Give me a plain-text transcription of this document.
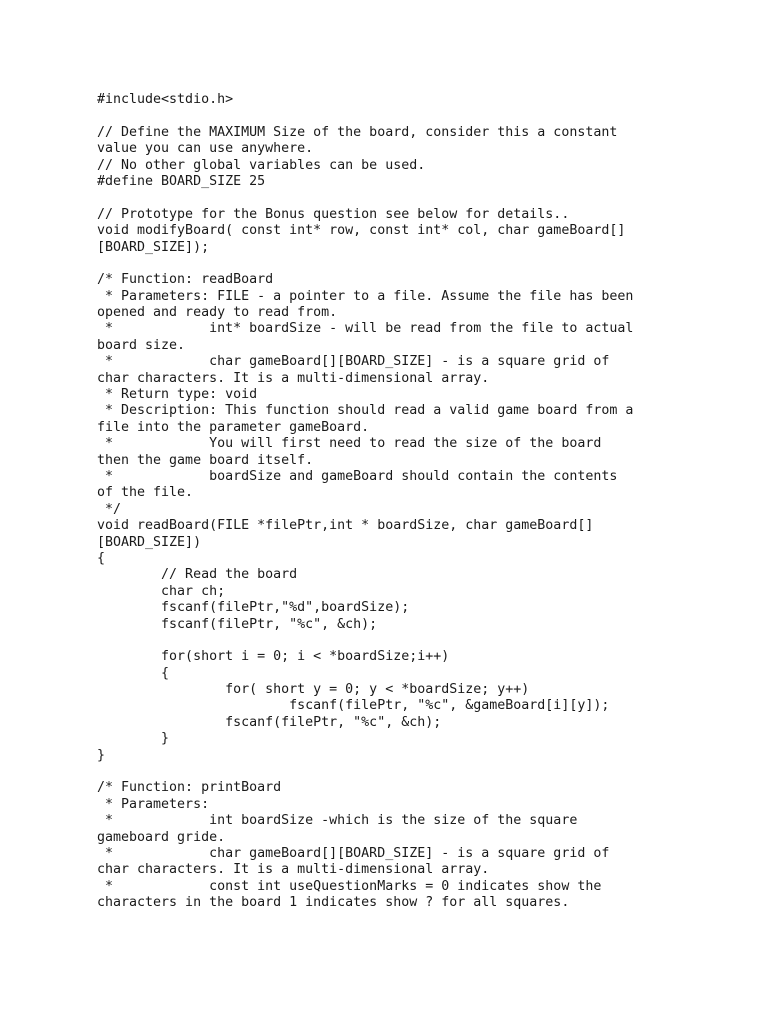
#include<stdio.h>
// Define the MAXIMUM Size of the board, consider this a constant
value you can use anywhere.
// No other global variables can be used.
#define BOARD_SIZE 25
// Prototype for the Bonus question see below for details..
void modifyBoard( const int* row, const int* col, char gameBoard[]
[BOARD_SIZE]);
/* Function: readBoard
* Parameters: FILE - a pointer to a file. Assume the file has been
opened and ready to read from.
*            int* boardSize - will be read from the file to actual
board size.
*            char gameBoard[][BOARD_SIZE] - is a square grid of
char characters. It is a multi-dimensional array.
* Return type: void
* Description: This function should read a valid game board from a
file into the parameter gameBoard.
*            You will first need to read the size of the board
then the game board itself.
*            boardSize and gameBoard should contain the contents
of the file.
*/
void readBoard(FILE *filePtr,int * boardSize, char gameBoard[]
[BOARD_SIZE])
{
// Read the board
char ch;
fscanf(filePtr,"%d",boardSize);
fscanf(filePtr, "%c", &ch);
for(short i = 0; i < *boardSize;i++)
{
for( short y = 0; y < *boardSize; y++)
fscanf(filePtr, "%c", &gameBoard[i][y]);
fscanf(filePtr, "%c", &ch);
}
}
/* Function: printBoard
* Parameters:
*            int boardSize -which is the size of the square
gameboard gride.
*            char gameBoard[][BOARD_SIZE] - is a square grid of
char characters. It is a multi-dimensional array.
*            const int useQuestionMarks = 0 indicates show the
characters in the board 1 indicates show ? for all squares.
